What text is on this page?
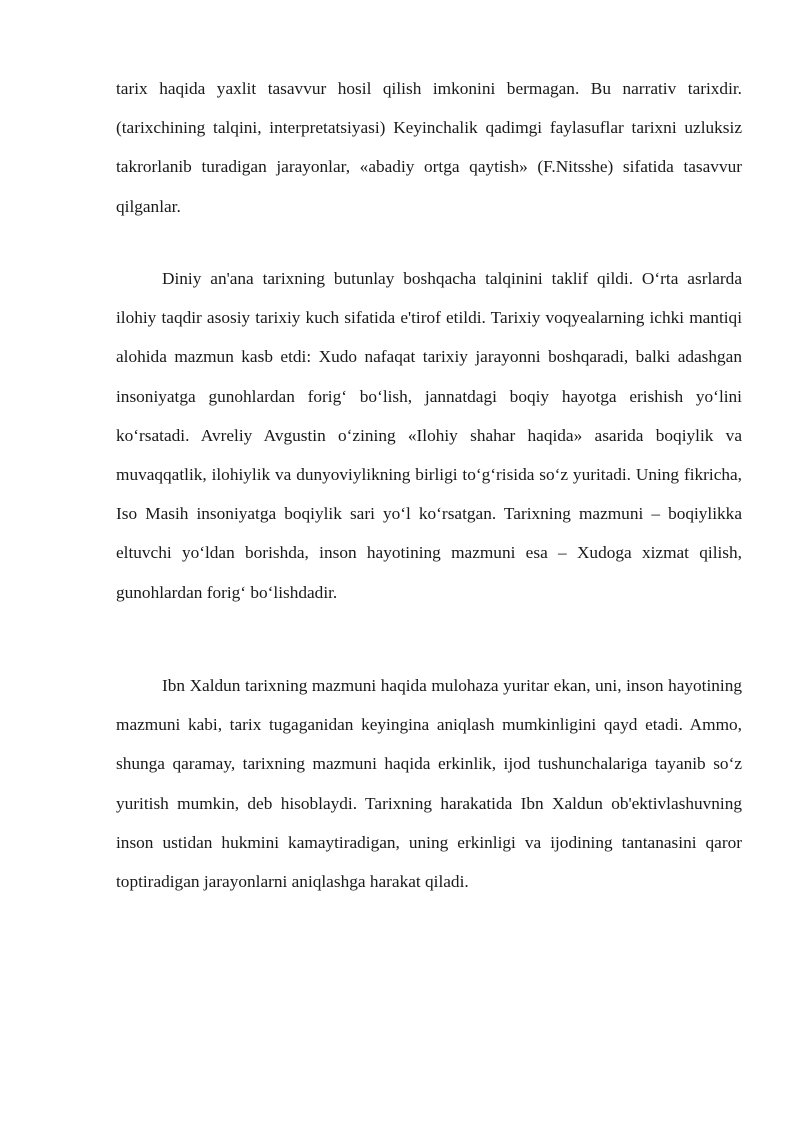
tarix haqida yaxlit tasavvur hosil qilish imkonini bermagan. Bu narrativ tarixdir. (tarixchining talqini, interpretatsiyasi) Keyinchalik qadimgi faylasuflar tarixni uzluksiz takrorlanib turadigan jarayonlar, «abadiy ortga qaytish» (F.Nitsshe) sifatida tasavvur qilganlar.

Diniy an'ana tarixning butunlay boshqacha talqinini taklif qildi. O‘rta asrlarda ilohiy taqdir asosiy tarixiy kuch sifatida e'tirof etildi. Tarixiy voqyealarning ichki mantiqi alohida mazmun kasb etdi: Xudo nafaqat tarixiy jarayonni boshqaradi, balki adashgan insoniyatga gunohlardan forig‘ bo‘lish, jannatdagi boqiy hayotga erishish yo‘lini ko‘rsatadi. Avreliy Avgustin o‘zining «Ilohiy shahar haqida» asarida boqiylik va muvaqqatlik, ilohiylik va dunyoviylikning birligi to‘g‘risida so‘z yuritadi. Uning fikricha, Iso Masih insoniyatga boqiylik sari yo‘l ko‘rsatgan. Tarixning mazmuni – boqiylikka eltuvchi yo‘ldan borishda, inson hayotining mazmuni esa – Xudoga xizmat qilish, gunohlardan forig‘ bo‘lishdadir.

Ibn Xaldun tarixning mazmuni haqida mulohaza yuritar ekan, uni, inson hayotining mazmuni kabi, tarix tugaganidan keyingina aniqlash mumkinligini qayd etadi. Ammo, shunga qaramay, tarixning mazmuni haqida erkinlik, ijod tushunchalariga tayanib so‘z yuritish mumkin, deb hisoblaydi. Tarixning harakatida Ibn Xaldun ob'ektivlashuvning inson ustidan hukmini kamaytiradigan, uning erkinligi va ijodining tantanasini qaror toptiradigan jarayonlarni aniqlashga harakat qiladi.
